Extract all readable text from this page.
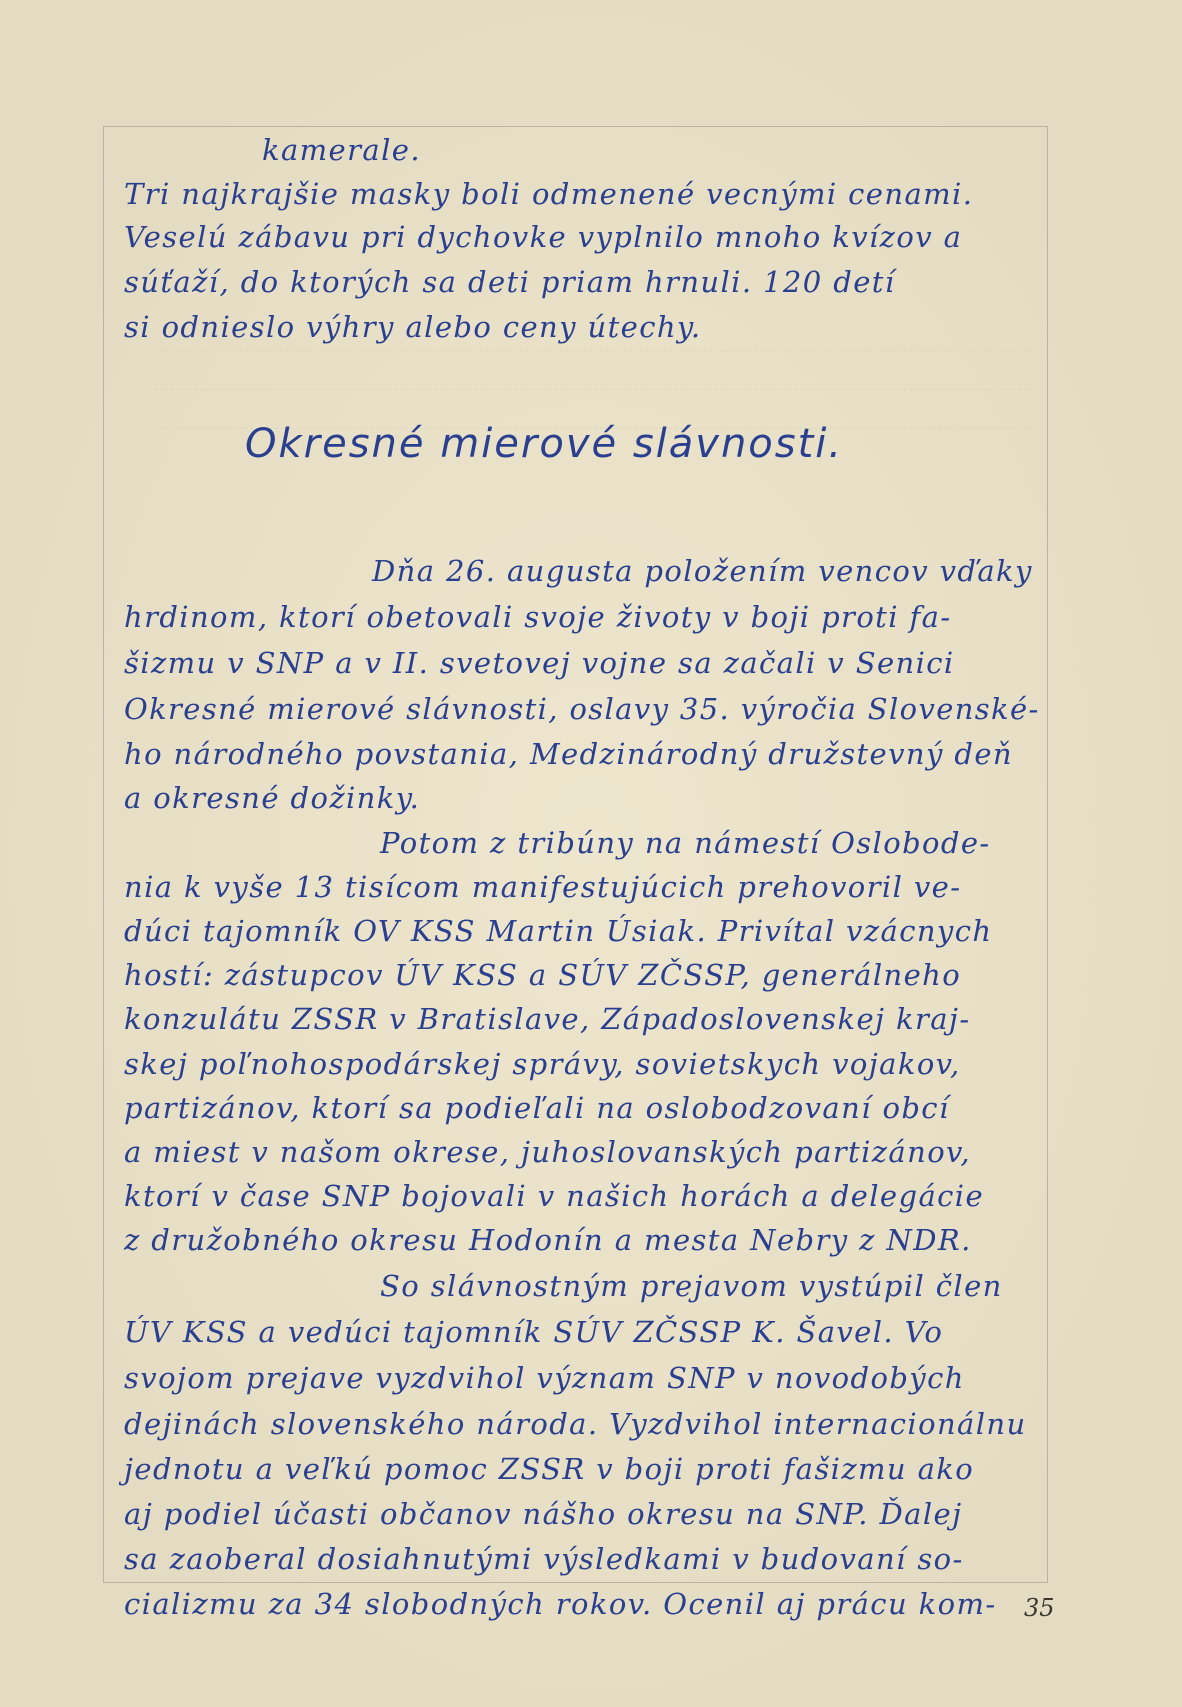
kamerale.
Tri najkrajšie masky boli odmenené vecnými cenami.
Veselú zábavu pri dychovke vyplnilo mnoho kvízov a
súťaží, do ktorých sa deti priam hrnuli. 120 detí
si odnieslo výhry alebo ceny útechy.
Okresné mierové slávnosti.
Dňa 26. augusta položením vencov vďaky
hrdinom, ktorí obetovali svoje životy v boji proti fa-
šizmu v SNP a v II. svetovej vojne sa začali v Senici
Okresné mierové slávnosti, oslavy 35. výročia Slovenské-
ho národného povstania, Medzinárodný družstevný deň
a okresné dožinky.
Potom z tribúny na námestí Oslobode-
nia k vyše 13 tisícom manifestujúcich prehovoril ve-
dúci tajomník OV KSS Martin Úsiak. Privítal vzácnych
hostí: zástupcov ÚV KSS a SÚV ZČSSP, generálneho
konzulátu ZSSR v Bratislave, Západoslovenskej kraj-
skej poľnohospodárskej správy, sovietskych vojakov,
partizánov, ktorí sa podieľali na oslobodzovaní obcí
a miest v našom okrese, juhoslovanských partizánov,
ktorí v čase SNP bojovali v našich horách a delegácie
z družobného okresu Hodonín a mesta Nebry z NDR.
So slávnostným prejavom vystúpil člen
ÚV KSS a vedúci tajomník SÚV ZČSSP K. Šavel. Vo
svojom prejave vyzdvihol význam SNP v novodobých
dejinách slovenského národa. Vyzdvihol internacionálnu
jednotu a veľkú pomoc ZSSR v boji proti fašizmu ako
aj podiel účasti občanov nášho okresu na SNP. Ďalej
sa zaoberal dosiahnutými výsledkami v budovaní so-
cializmu za 34 slobodných rokov. Ocenil aj prácu kom- 35
